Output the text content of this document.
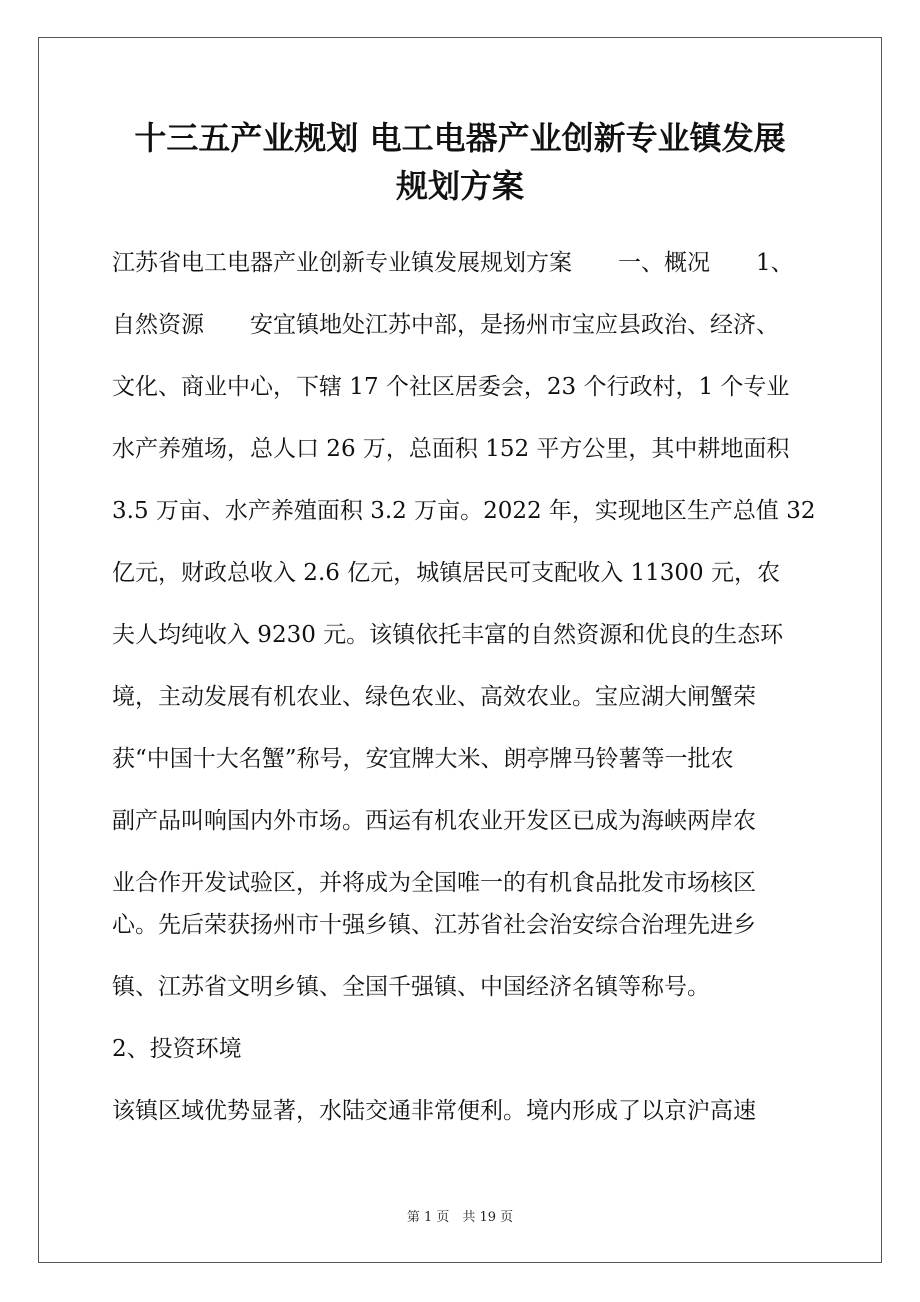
十三五产业规划 电工电器产业创新专业镇发展
规划方案
江苏省电工电器产业创新专业镇发展规划方案　　一、概况　　1、
自然资源　　安宜镇地处江苏中部，是扬州市宝应县政治、经济、
文化、商业中心，下辖 17 个社区居委会，23 个行政村，1 个专业
水产养殖场，总人口 26 万，总面积 152 平方公里，其中耕地面积
3.5 万亩、水产养殖面积 3.2 万亩。2022 年，实现地区生产总值 32
亿元，财政总收入 2.6 亿元，城镇居民可支配收入 11300 元，农
夫人均纯收入 9230 元。该镇依托丰富的自然资源和优良的生态环
境，主动发展有机农业、绿色农业、高效农业。宝应湖大闸蟹荣
获“中国十大名蟹”称号，安宜牌大米、朗亭牌马铃薯等一批农
副产品叫响国内外市场。西运有机农业开发区已成为海峡两岸农
业合作开发试验区，并将成为全国唯一的有机食品批发市场核区
心。先后荣获扬州市十强乡镇、江苏省社会治安综合治理先进乡
镇、江苏省文明乡镇、全国千强镇、中国经济名镇等称号。
2、投资环境
该镇区域优势显著，水陆交通非常便利。境内形成了以京沪高速
第 1 页　共 19 页
